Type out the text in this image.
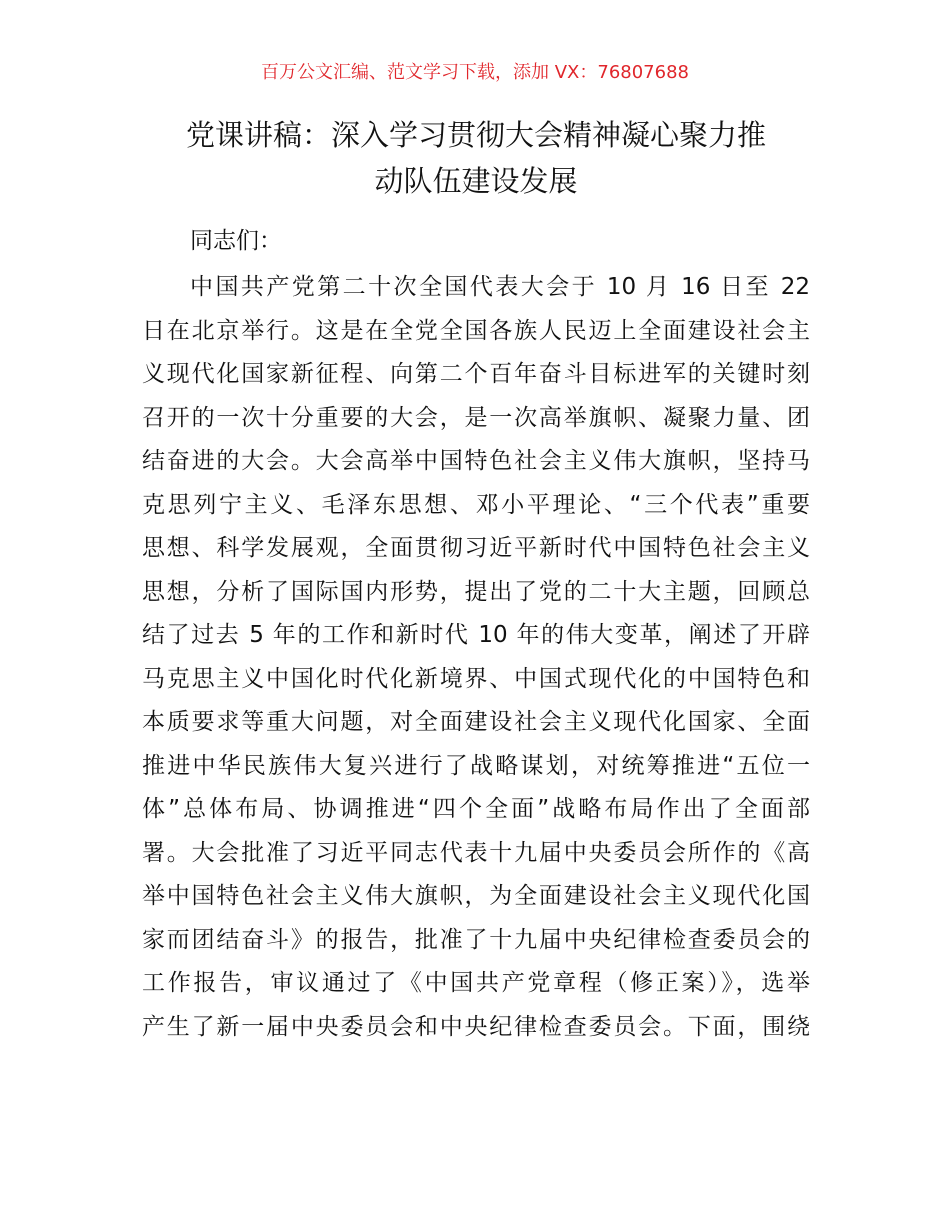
百万公文汇编、范文学习下载，添加 VX：76807688
党课讲稿：深入学习贯彻大会精神凝心聚力推
动队伍建设发展
同志们：
中国共产党第二十次全国代表大会于 10 月 16 日至 22
日在北京举行。这是在全党全国各族人民迈上全面建设社会主
义现代化国家新征程、向第二个百年奋斗目标进军的关键时刻
召开的一次十分重要的大会，是一次高举旗帜、凝聚力量、团
结奋进的大会。大会高举中国特色社会主义伟大旗帜，坚持马
克思列宁主义、毛泽东思想、邓小平理论、“三个代表”重要
思想、科学发展观，全面贯彻习近平新时代中国特色社会主义
思想，分析了国际国内形势，提出了党的二十大主题，回顾总
结了过去 5 年的工作和新时代 10 年的伟大变革，阐述了开辟
马克思主义中国化时代化新境界、中国式现代化的中国特色和
本质要求等重大问题，对全面建设社会主义现代化国家、全面
推进中华民族伟大复兴进行了战略谋划，对统筹推进“五位一
体”总体布局、协调推进“四个全面”战略布局作出了全面部
署。大会批准了习近平同志代表十九届中央委员会所作的《高
举中国特色社会主义伟大旗帜，为全面建设社会主义现代化国
家而团结奋斗》的报告，批准了十九届中央纪律检查委员会的
工作报告，审议通过了《中国共产党章程（修正案）》，选举
产生了新一届中央委员会和中央纪律检查委员会。下面，围绕
